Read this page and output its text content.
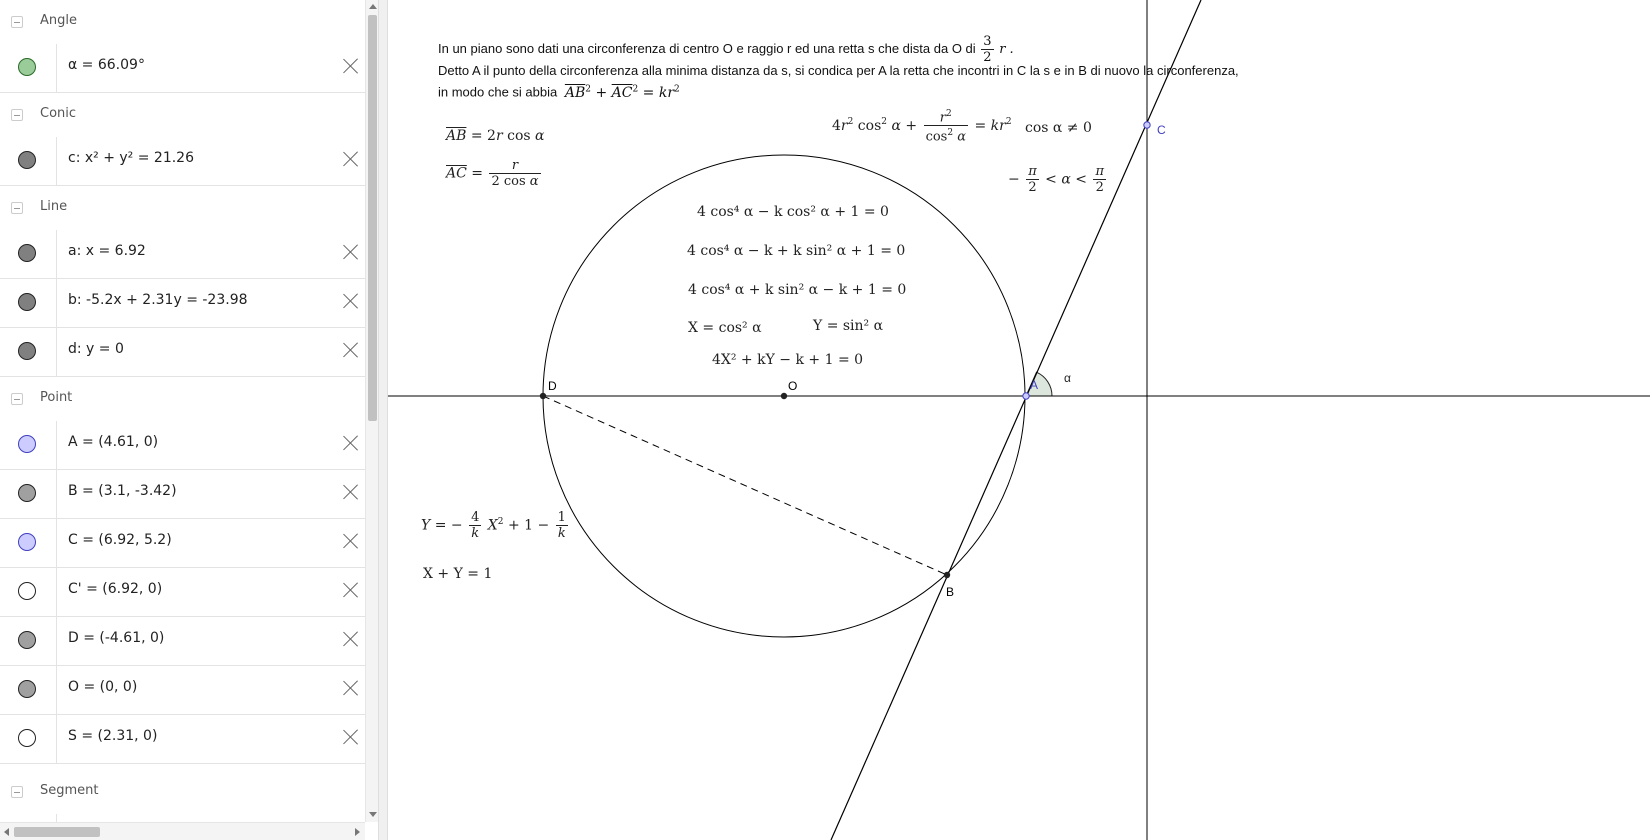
Angle
α = 66.09°
Conic
c: x² + y² = 21.26
Line
a: x = 6.92
b: -5.2x + 2.31y = -23.98
d: y = 0
Point
A = (4.61, 0)
B = (3.1, -3.42)
C = (6.92, 5.2)
C' = (6.92, 0)
D = (-4.61, 0)
O = (0, 0)
S = (2.31, 0)
Segment
D	O	A
B
C
α
In un piano sono dati una circonferenza di centro O e raggio r ed una retta s che dista da O di $\frac{3}{2}$ r .
Detto A il punto della circonferenza alla minima distanza da s, si condica per A la retta che incontri in C la s e in B di nuovo la circonferenza,
in modo che si abbia $\overline{AB}^2 + \overline{AC}^2 = kr^2$
$\overline{AB} = 2r$ cos α
$\overline{AC} = \frac{r}{\text{2 cos α}}$
$4r^2$ $\cos^2 \alpha + \frac{r^2}{\cos^2 \alpha} = kr^2$ cos α ≠ 0
− $\frac{\pi}{2} < \alpha < \frac{\pi}{2}$
4 cos⁴ α − k cos² α + 1 = 0
4 cos⁴ α − k + k sin² α + 1 = 0
4 cos⁴ α + k sin² α − k + 1 = 0
X = cos² α	Y = sin² α
4X² + kY − k + 1 = 0
Y = − $\frac{4}{k} X^2 + 1 - \frac{1}{k}$
X + Y = 1
